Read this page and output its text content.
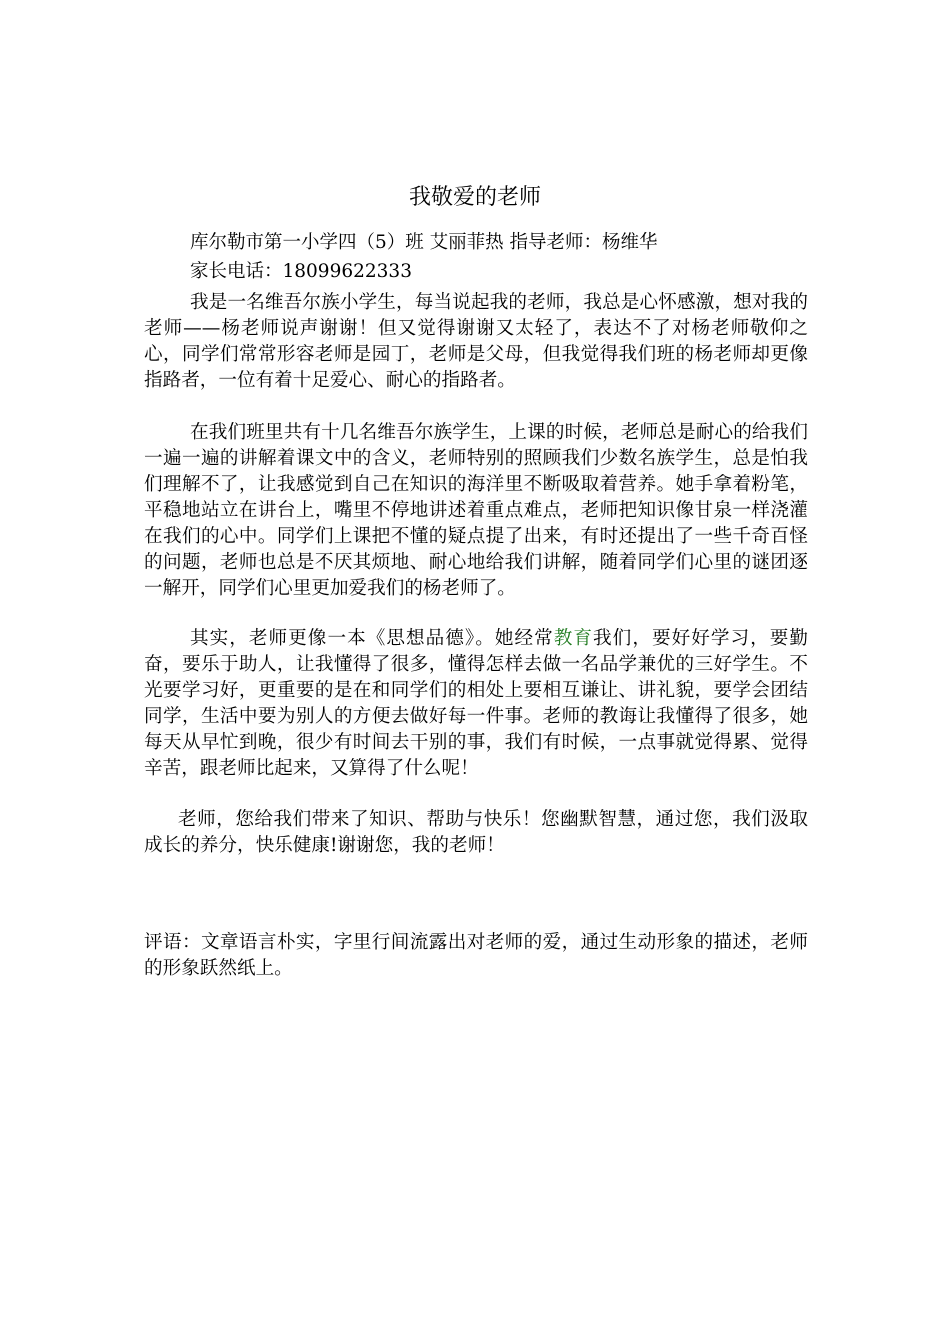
我敬爱的老师

库尔勒市第一小学四（5）班 艾丽菲热 指导老师：杨维华

家长电话：18099622333

我是一名维吾尔族小学生，每当说起我的老师，我总是心怀感激，想对我的老师——杨老师说声谢谢！但又觉得谢谢又太轻了，表达不了对杨老师敬仰之心，同学们常常形容老师是园丁，老师是父母，但我觉得我们班的杨老师却更像指路者，一位有着十足爱心、耐心的指路者。

在我们班里共有十几名维吾尔族学生，上课的时候，老师总是耐心的给我们一遍一遍的讲解着课文中的含义，老师特别的照顾我们少数名族学生，总是怕我们理解不了，让我感觉到自己在知识的海洋里不断吸取着营养。她手拿着粉笔，平稳地站立在讲台上，嘴里不停地讲述着重点难点，老师把知识像甘泉一样浇灌在我们的心中。同学们上课把不懂的疑点提了出来，有时还提出了一些千奇百怪的问题，老师也总是不厌其烦地、耐心地给我们讲解，随着同学们心里的谜团逐一解开，同学们心里更加爱我们的杨老师了。

其实，老师更像一本《思想品德》。她经常教育我们，要好好学习，要勤奋，要乐于助人，让我懂得了很多，懂得怎样去做一名品学兼优的三好学生。不光要学习好，更重要的是在和同学们的相处上要相互谦让、讲礼貌，要学会团结同学，生活中要为别人的方便去做好每一件事。老师的教诲让我懂得了很多，她每天从早忙到晚，很少有时间去干别的事，我们有时候，一点事就觉得累、觉得辛苦，跟老师比起来，又算得了什么呢！

老师，您给我们带来了知识、帮助与快乐！您幽默智慧，通过您，我们汲取成长的养分，快乐健康!谢谢您，我的老师！

评语：文章语言朴实，字里行间流露出对老师的爱，通过生动形象的描述，老师的形象跃然纸上。
